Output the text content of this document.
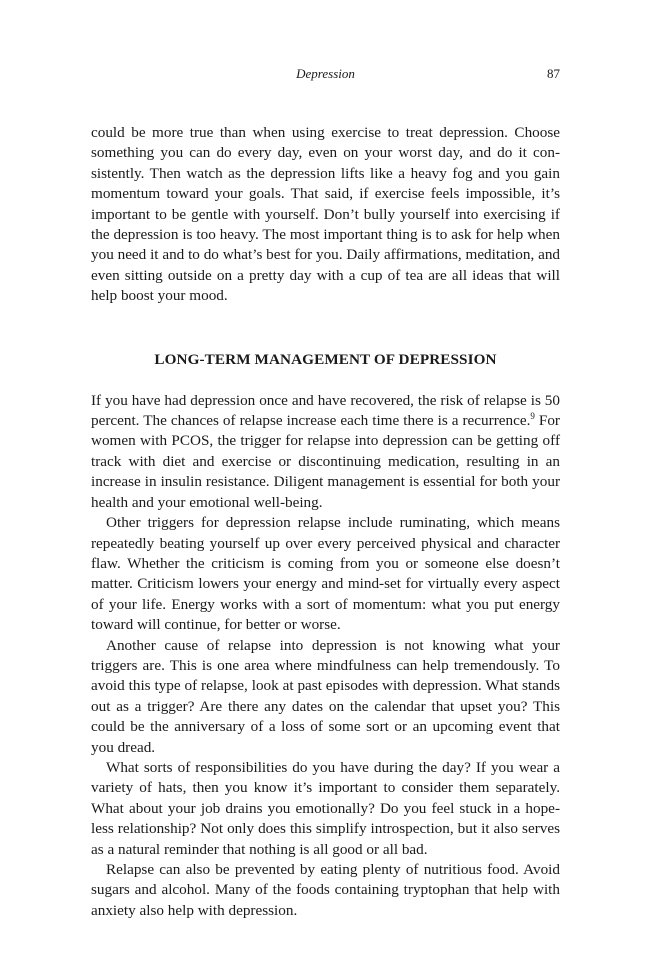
Depression	87

could be more true than when using exercise to treat depression. Choose something you can do every day, even on your worst day, and do it consistently. Then watch as the depression lifts like a heavy fog and you gain momentum toward your goals. That said, if exercise feels impossible, it’s important to be gentle with yourself. Don’t bully yourself into exercising if the depression is too heavy. The most important thing is to ask for help when you need it and to do what’s best for you. Daily affirmations, meditation, and even sitting outside on a pretty day with a cup of tea are all ideas that will help boost your mood.

LONG-TERM MANAGEMENT OF DEPRESSION

If you have had depression once and have recovered, the risk of relapse is 50 percent. The chances of relapse increase each time there is a recurrence.$^9$ For women with PCOS, the trigger for relapse into depression can be getting off track with diet and exercise or discontinuing medication, resulting in an increase in insulin resistance. Diligent management is essential for both your health and your emotional well-being.

Other triggers for depression relapse include ruminating, which means repeatedly beating yourself up over every perceived physical and character flaw. Whether the criticism is coming from you or someone else doesn’t matter. Criticism lowers your energy and mind-set for virtually every aspect of your life. Energy works with a sort of momentum: what you put energy toward will continue, for better or worse.

Another cause of relapse into depression is not knowing what your triggers are. This is one area where mindfulness can help tremendously. To avoid this type of relapse, look at past episodes with depression. What stands out as a trigger? Are there any dates on the calendar that upset you? This could be the anniversary of a loss of some sort or an upcoming event that you dread.

What sorts of responsibilities do you have during the day? If you wear a variety of hats, then you know it’s important to consider them separately. What about your job drains you emotionally? Do you feel stuck in a hopeless relationship? Not only does this simplify introspection, but it also serves as a natural reminder that nothing is all good or all bad.

Relapse can also be prevented by eating plenty of nutritious food. Avoid sugars and alcohol. Many of the foods containing tryptophan that help with anxiety also help with depression.
